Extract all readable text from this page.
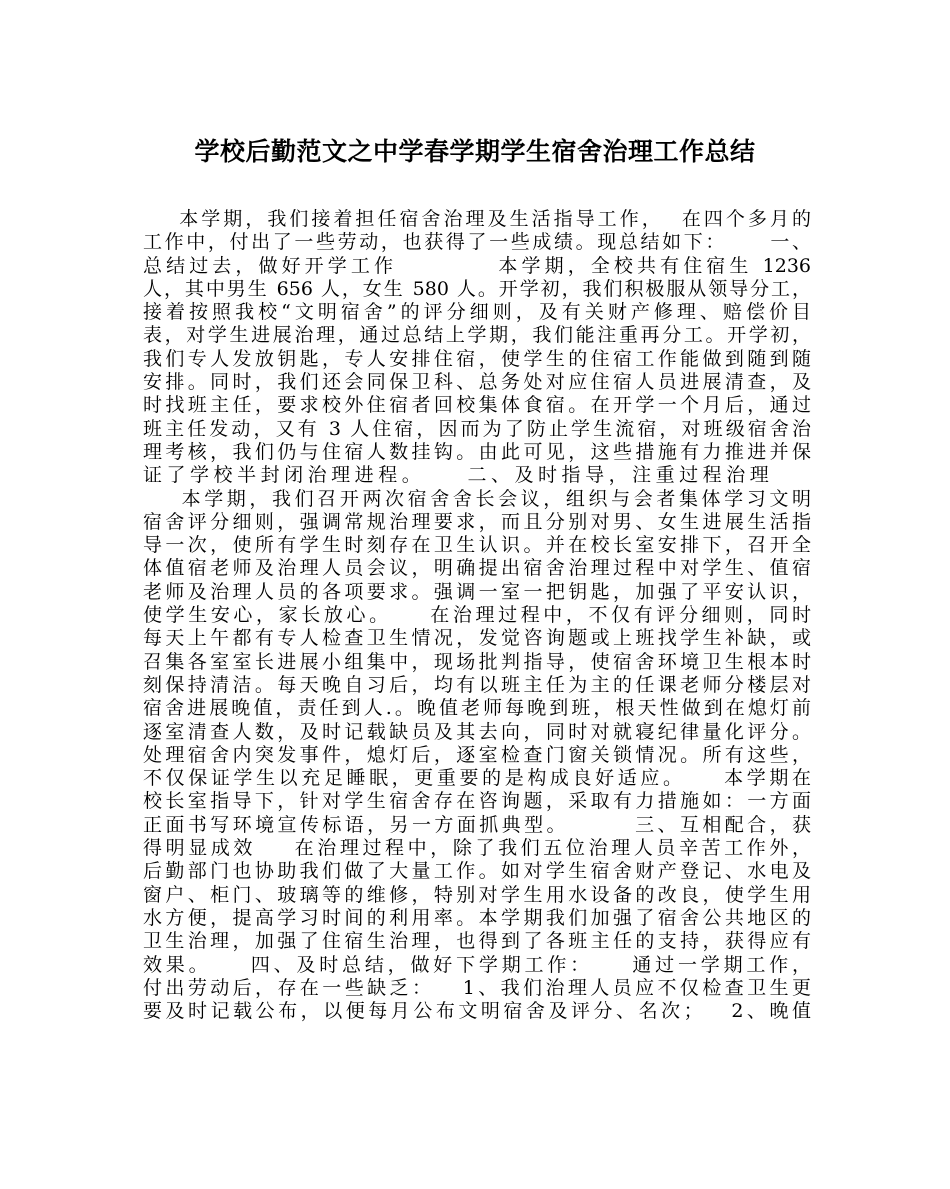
学校后勤范文之中学春学期学生宿舍治理工作总结
本学期，我们接着担任宿舍治理及生活指导工作，  在四个多月的
工作中，付出了一些劳动，也获得了一些成绩。现总结如下：     一、
总结过去，做好开学工作          本学期，全校共有住宿生 1236
人，其中男生 656 人，女生 580 人。开学初，我们积极服从领导分工，
接着按照我校“文明宿舍”的评分细则，及有关财产修理、赔偿价目
表，对学生进展治理，通过总结上学期，我们能注重再分工。开学初，
我们专人发放钥匙，专人安排住宿，使学生的住宿工作能做到随到随
安排。同时，我们还会同保卫科、总务处对应住宿人员进展清查，及
时找班主任，要求校外住宿者回校集体食宿。在开学一个月后，通过
班主任发动，又有 3 人住宿，因而为了防止学生流宿，对班级宿舍治
理考核，我们仍与住宿人数挂钩。由此可见，这些措施有力推进并保
证了学校半封闭治理进程。    二、及时指导，注重过程治理
本学期，我们召开两次宿舍舍长会议，组织与会者集体学习文明
宿舍评分细则，强调常规治理要求，而且分别对男、女生进展生活指
导一次，使所有学生时刻存在卫生认识。并在校长室安排下，召开全
体值宿老师及治理人员会议，明确提出宿舍治理过程中对学生、值宿
老师及治理人员的各项要求。强调一室一把钥匙，加强了平安认识，
使学生安心，家长放心。    在治理过程中，不仅有评分细则，同时
每天上午都有专人检查卫生情况，发觉咨询题或上班找学生补缺，或
召集各室室长进展小组集中，现场批判指导，使宿舍环境卫生根本时
刻保持清洁。每天晚自习后，均有以班主任为主的任课老师分楼层对
宿舍进展晚值，责任到人.。晚值老师每晚到班，根天性做到在熄灯前
逐室清查人数，及时记载缺员及其去向，同时对就寝纪律量化评分。
处理宿舍内突发事件，熄灯后，逐室检查门窗关锁情况。所有这些，
不仅保证学生以充足睡眠，更重要的是构成良好适应。    本学期在
校长室指导下，针对学生宿舍存在咨询题，采取有力措施如：一方面
正面书写环境宣传标语，另一方面抓典型。       三、互相配合，获
得明显成效    在治理过程中，除了我们五位治理人员辛苦工作外，
后勤部门也协助我们做了大量工作。如对学生宿舍财产登记、水电及
窗户、柜门、玻璃等的维修，特别对学生用水设备的改良，使学生用
水方便，提高学习时间的利用率。本学期我们加强了宿舍公共地区的
卫生治理，加强了住宿生治理，也得到了各班主任的支持，获得应有
效果。    四、及时总结，做好下学期工作：    通过一学期工作，
付出劳动后，存在一些缺乏：   1、我们治理人员应不仅检查卫生更
要及时记载公布，以便每月公布文明宿舍及评分、名次；   2、晚值
